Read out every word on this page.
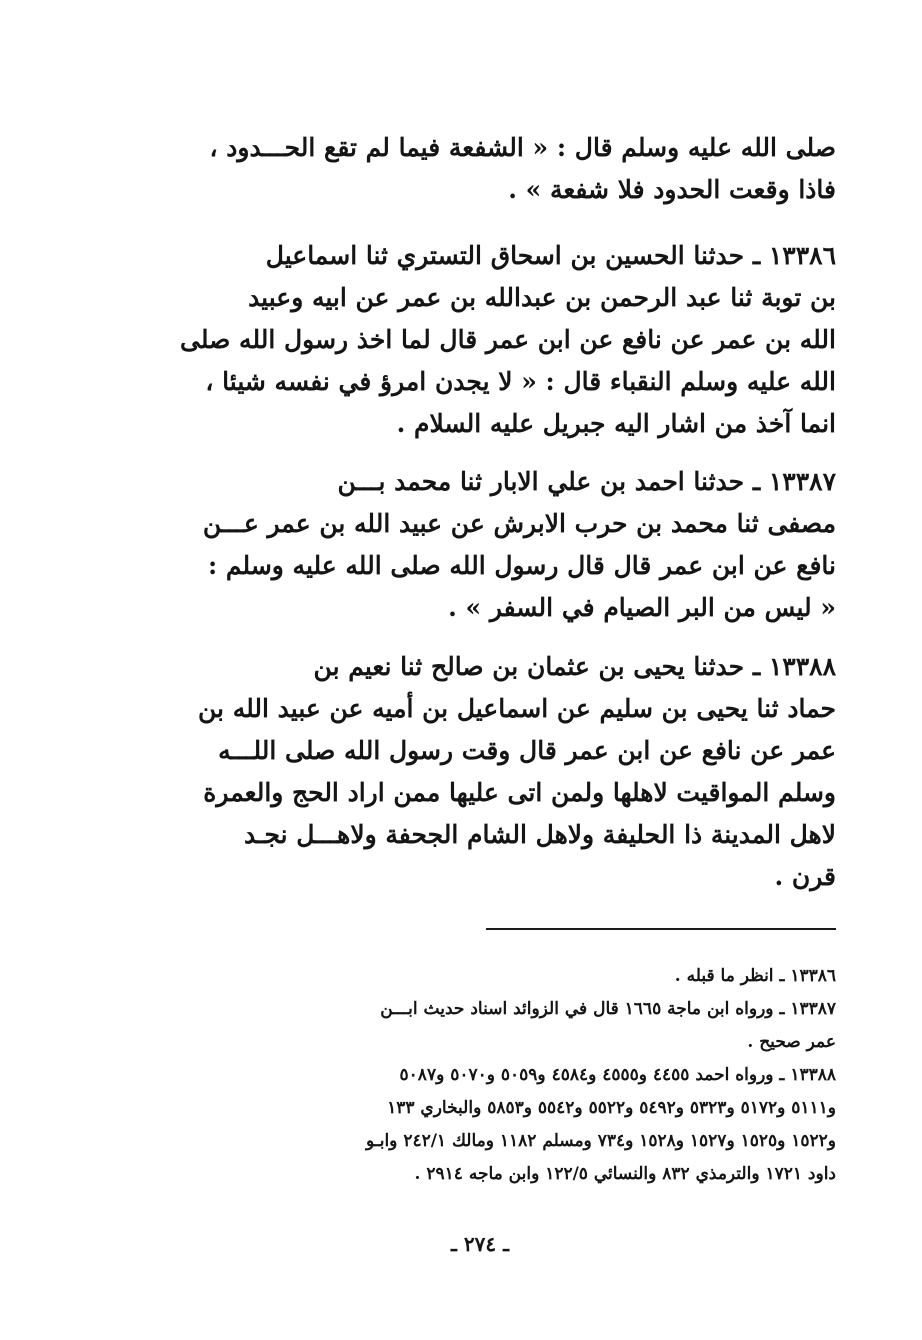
صلى الله عليه وسلم قال : « الشفعة فيما لم تقع الحـــدود ،
فاذا وقعت الحدود فلا شفعة » .
١٣٣٨٦ ـ حدثنا الحسين بن اسحاق التستري ثنا اسماعيل
بن توبة ثنا عبد الرحمن بن عبدالله بن عمر عن ابيه وعبيد
الله بن عمر عن نافع عن ابن عمر قال لما اخذ رسول الله صلى
الله عليه وسلم النقباء قال : « لا يجدن امرؤ في نفسه شيئا ،
انما آخذ من اشار اليه جبريل عليه السلام .
١٣٣٨٧ ـ حدثنا احمد بن علي الابار ثنا محمد بـــن
مصفى ثنا محمد بن حرب الابرش عن عبيد الله بن عمر عـــن
نافع عن ابن عمر قال قال رسول الله صلى الله عليه وسلم :
« ليس من البر الصيام في السفر » .
١٣٣٨٨ ـ حدثنا يحيى بن عثمان بن صالح ثنا نعيم بن
حماد ثنا يحيى بن سليم عن اسماعيل بن أميه عن عبيد الله بن
عمر عن نافع عن ابن عمر قال وقت رسول الله صلى اللـــه
وسلم المواقيت لاهلها ولمن اتى عليها ممن اراد الحج والعمرة
لاهل المدينة ذا الحليفة ولاهل الشام الجحفة ولاهـــل نجـد
قرن .
١٣٣٨٦ ـ انظر ما قبله .
١٣٣٨٧ ـ ورواه ابن ماجة ١٦٦٥ قال في الزوائد اسناد حديث ابـــن
عمر صحيح .
١٣٣٨٨ ـ ورواه احمد ٤٤٥٥ و٤٥٥٥ و٤٥٨٤ و٥٠٥٩ و٥٠٧٠ و٥٠٨٧
و٥١١١ و٥١٧٢ و٥٣٢٣ و٥٤٩٢ و٥٥٢٢ و٥٥٤٢ و٥٨٥٣ والبخاري ١٣٣
و١٥٢٢ و١٥٢٥ و١٥٢٧ و١٥٢٨ و٧٣٤ ومسلم ١١٨٢ ومالك ٢٤٢/١ وابـو
داود ١٧٢١ والترمذي ٨٣٢ والنسائي ١٢٢/٥ وابن ماجه ٢٩١٤ .
ـ ٢٧٤ ـ
